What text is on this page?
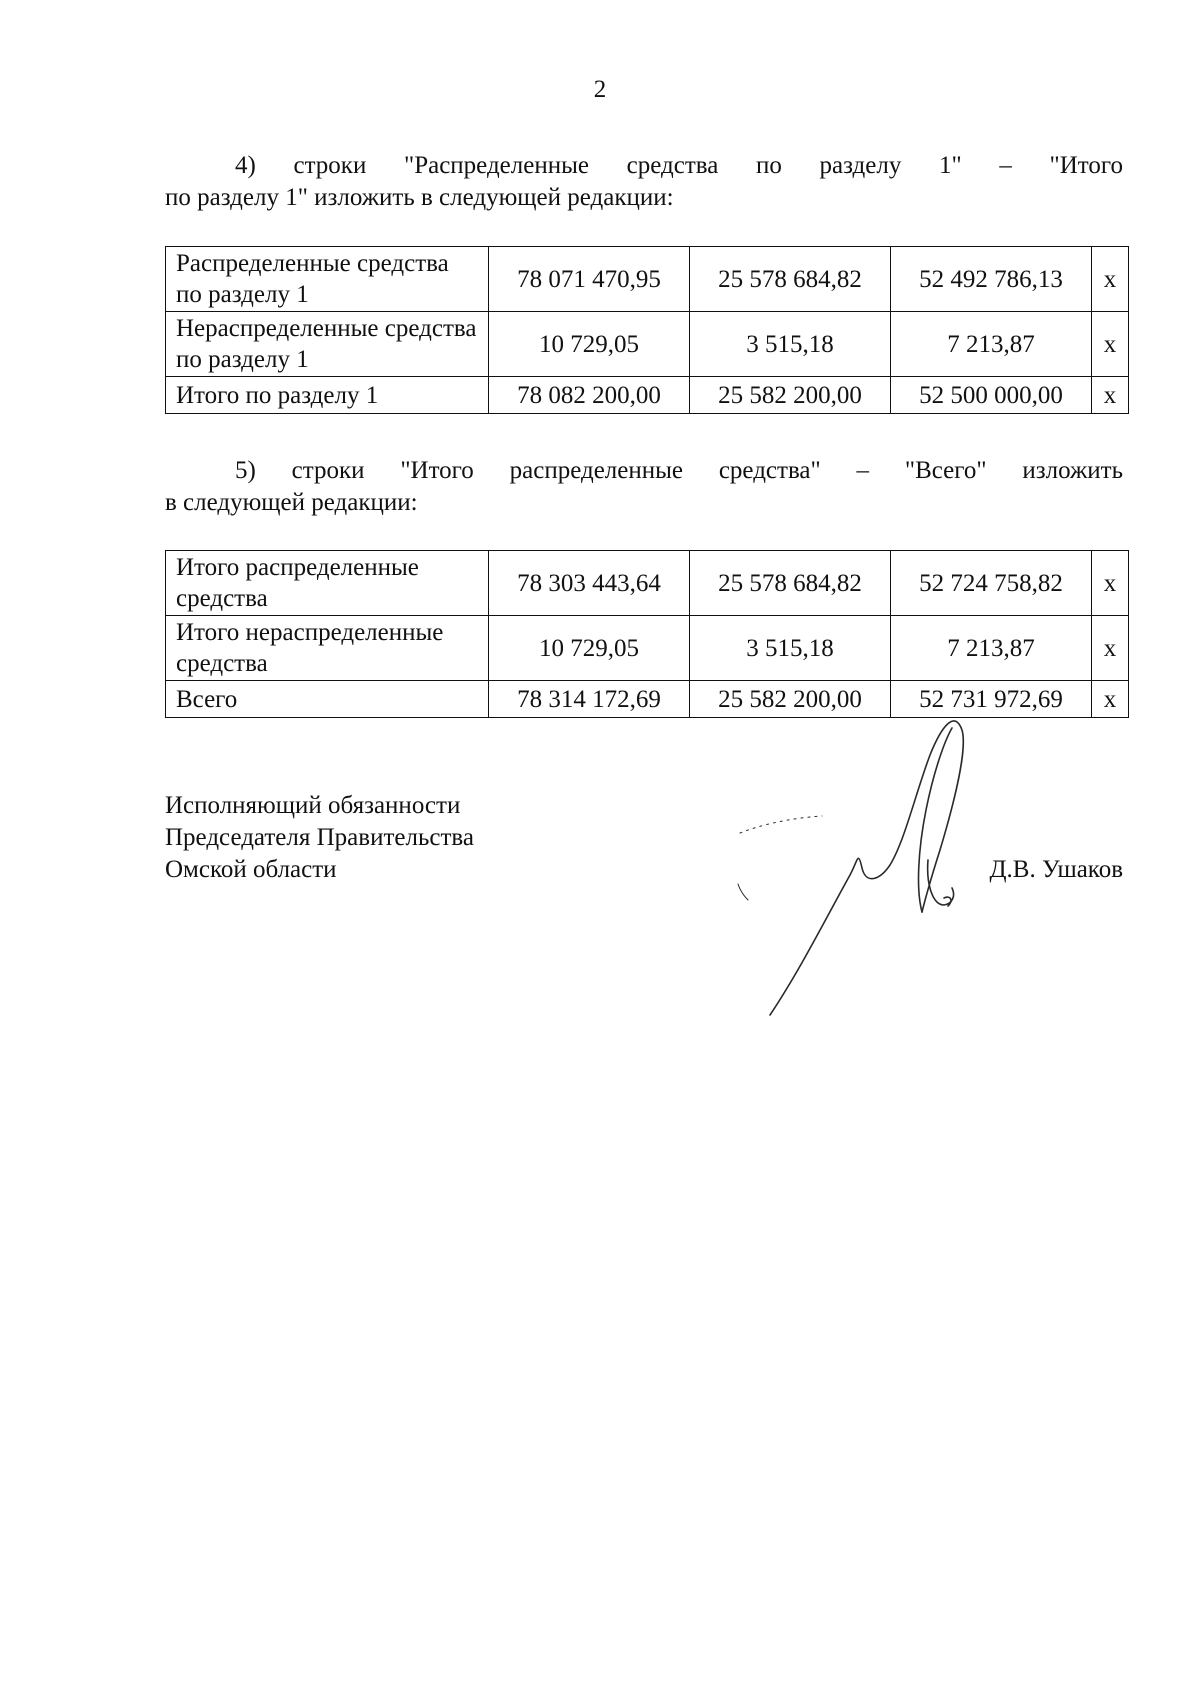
2
4) строки "Распределенные средства по разделу 1" – "Итого
по разделу 1" изложить в следующей редакции:
Распределенные средства по разделу 1	78 071 470,95	25 578 684,82	52 492 786,13	x
Нераспределенные средства по разделу 1	10 729,05	3 515,18	7 213,87	x
Итого по разделу 1	78 082 200,00	25 582 200,00	52 500 000,00	x
5) строки "Итого распределенные средства" – "Всего" изложить
в следующей редакции:
Итого распределенные средства	78 303 443,64	25 578 684,82	52 724 758,82	x
Итого нераспределенные средства	10 729,05	3 515,18	7 213,87	x
Всего	78 314 172,69	25 582 200,00	52 731 972,69	x
Исполняющий обязанности
Председателя Правительства
Омской области	Д.В. Ушаков
